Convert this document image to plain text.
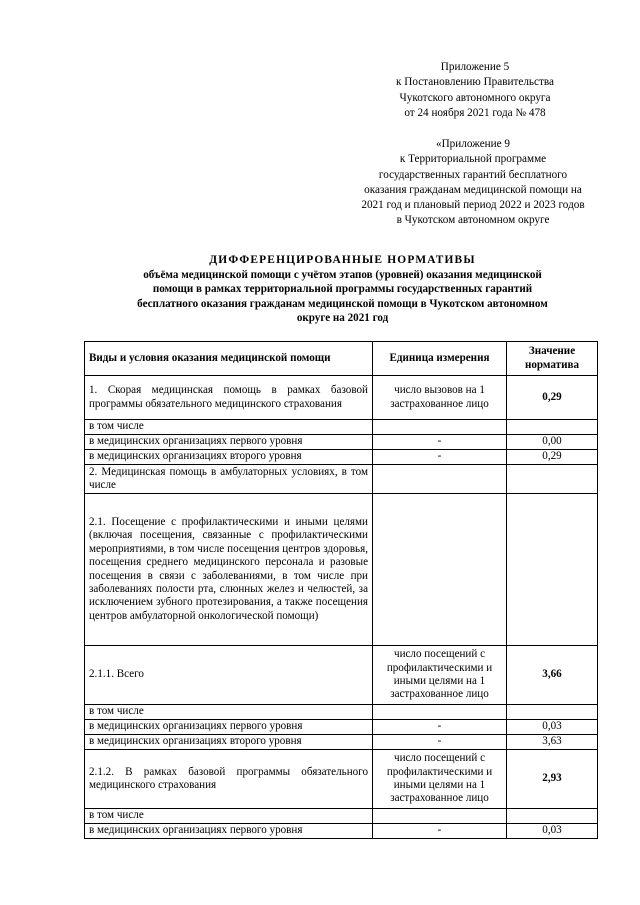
Приложение 5
к Постановлению Правительства
Чукотского автономного округа
от 24 ноября 2021 года № 478
«Приложение 9
к Территориальной программе
государственных гарантий бесплатного
оказания гражданам медицинской помощи на
2021 год и плановый период 2022 и 2023 годов
в Чукотском автономном округе
ДИФФЕРЕНЦИРОВАННЫЕ НОРМАТИВЫ
объёма медицинской помощи с учётом этапов (уровней) оказания медицинской
помощи в рамках территориальной программы государственных гарантий
бесплатного оказания гражданам медицинской помощи в Чукотском автономном
округе на 2021 год
Виды и условия оказания медицинской помощи	Единица измерения	Значение
норматива

1. Скорая медицинская помощь в рамках базовой программы обязательного медицинского страхования	число вызовов на 1 застрахованное лицо	0,29
в том числе		
в медицинских организациях первого уровня	-	0,00
в медицинских организациях второго уровня	-	0,29
2. Медицинская помощь в амбулаторных условиях, в том числе		
2.1. Посещение с профилактическими и иными целями (включая посещения, связанные с профилактическими мероприятиями, в том числе посещения центров здоровья, посещения среднего медицинского персонала и разовые посещения в связи с заболеваниями, в том числе при заболеваниях полости рта, слюнных желез и челюстей, за исключением зубного протезирования, а также посещения центров амбулаторной онкологической помощи)		
2.1.1. Всего	число посещений с профилактическими и иными целями на 1 застрахованное лицо	3,66
в том числе		
в медицинских организациях первого уровня	-	0,03
в медицинских организациях второго уровня	-	3,63
2.1.2. В рамках базовой программы обязательного медицинского страхования	число посещений с профилактическими и иными целями на 1 застрахованное лицо	2,93
в том числе		
в медицинских организациях первого уровня	-	0,03
